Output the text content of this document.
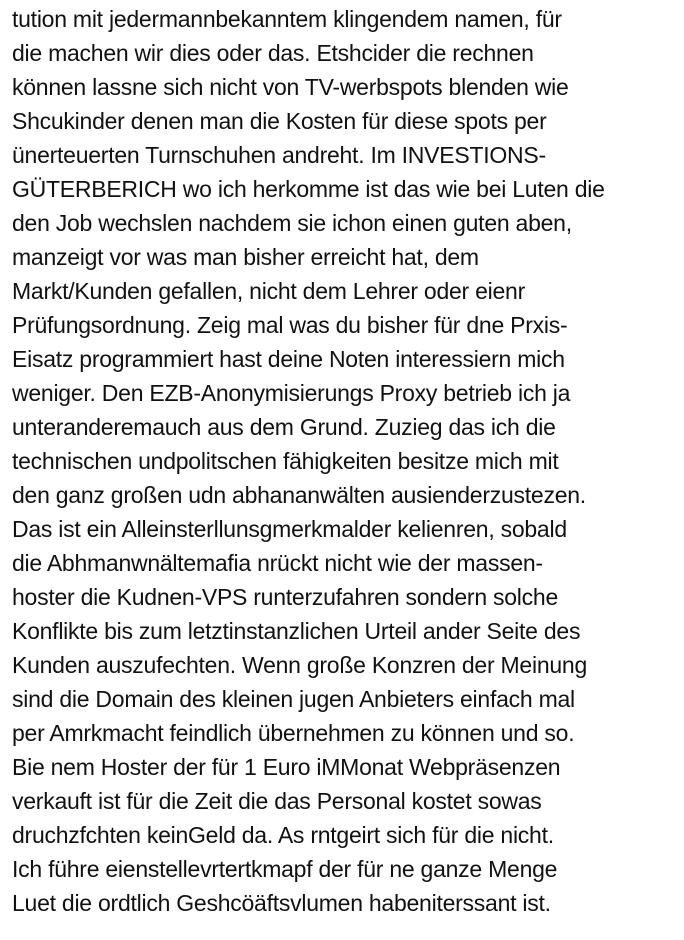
tution mit jedermannbekanntem klingendem namen, für
die machen wir dies oder das. Etshcider die rechnen
können lassne sich nicht von TV-werbspots blenden wie
Shcukinder denen man die Kosten für diese spots per
ünerteuerten Turnschuhen andreht. Im INVESTIONS-
GÜTERBERICH wo ich herkomme ist das wie bei Luten die
den Job wechslen nachdem sie ichon einen guten aben,
manzeigt vor was man bisher erreicht hat, dem
Markt/Kunden gefallen, nicht dem Lehrer oder eienr
Prüfungsordnung. Zeig mal was du bisher für dne Prxis-
Eisatz programmiert hast deine Noten interessiern mich
weniger. Den EZB-Anonymisierungs Proxy betrieb ich ja
unteranderemauch aus dem Grund. Zuzieg das ich die
technischen undpolitschen fähigkeiten besitze mich mit
den ganz großen udn abhananwälten ausienderzustezen.
Das ist ein Alleinsterllunsgmerkmalder kelienren, sobald
die Abhmanwnältemafia nrückt nicht wie der massen-
hoster die Kudnen-VPS runterzufahren sondern solche
Konflikte bis zum letztinstanzlichen Urteil ander Seite des
Kunden auszufechten. Wenn große Konzren der Meinung
sind die Domain des kleinen jugen Anbieters einfach mal
per Amrkmacht feindlich übernehmen zu können und so.
Bie nem Hoster der für 1 Euro iMMonat Webpräsenzen
verkauft ist für die Zeit die das Personal kostet sowas
druchzfchten keinGeld da. As rntgeirt sich für die nicht.
Ich führe eienstellevrtertkmapf der für ne ganze Menge
Luet die ordtlich Geshcöäftsvlumen habeniterssant ist.
